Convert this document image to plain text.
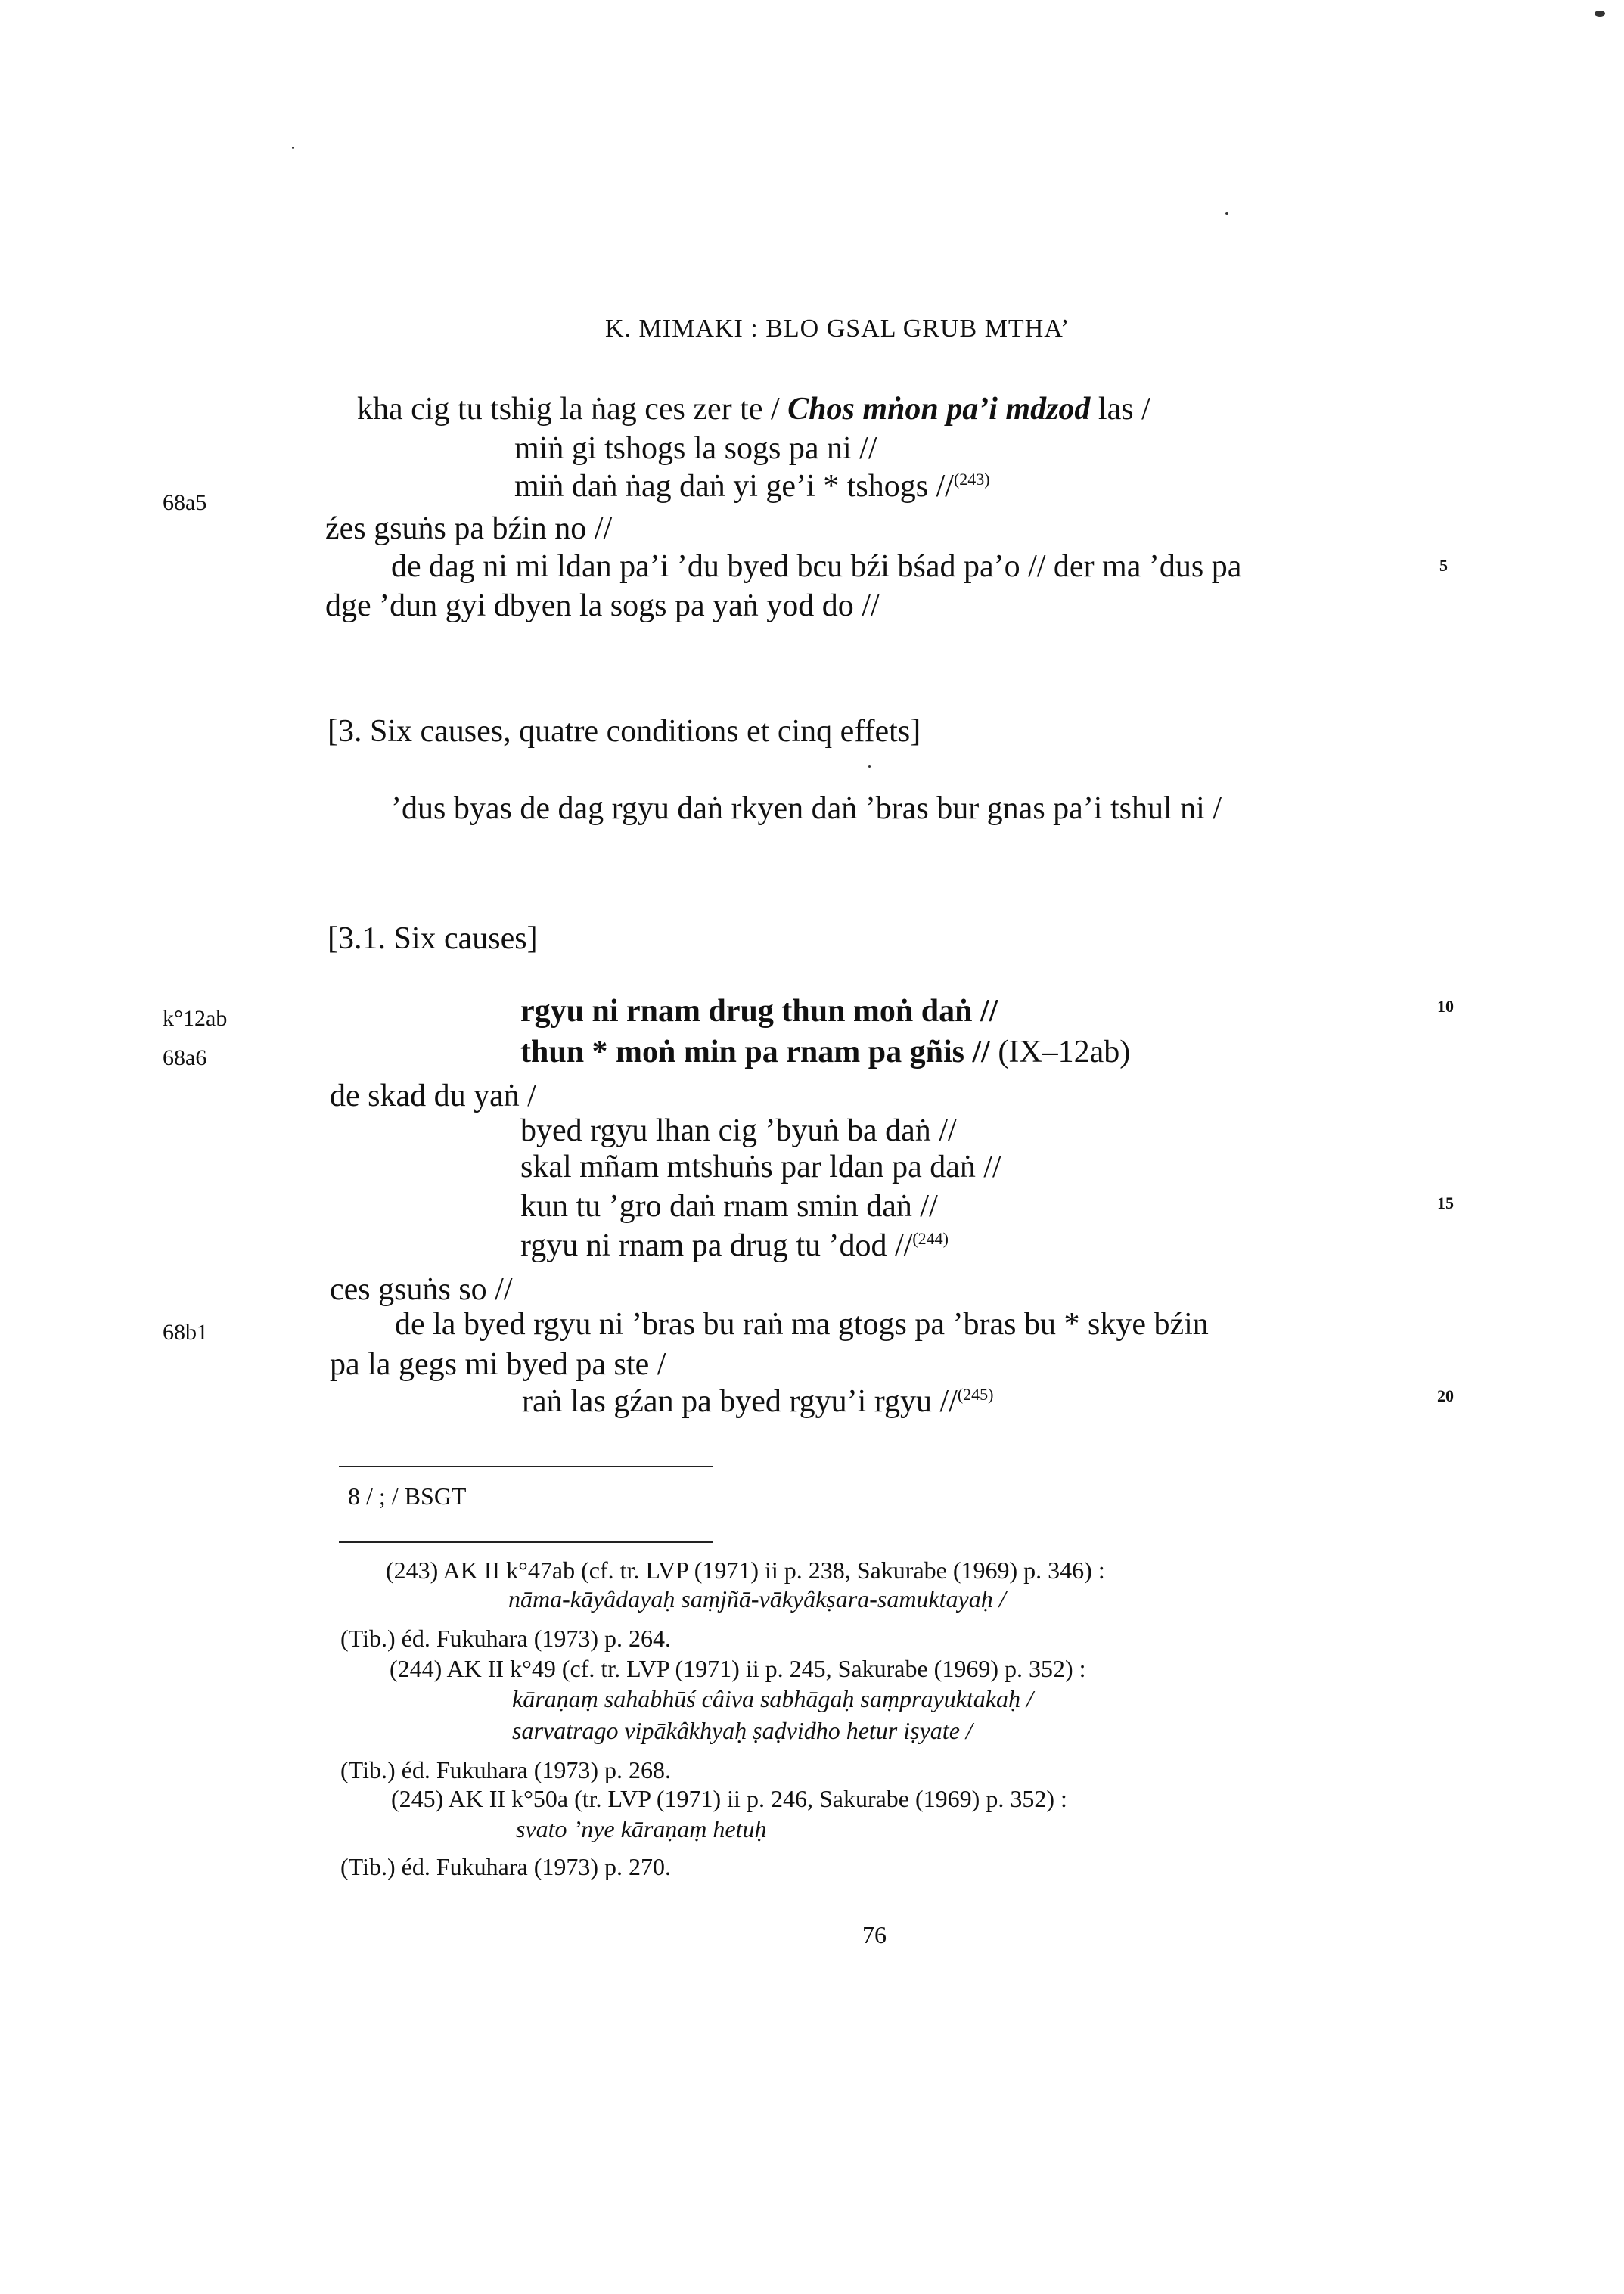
K. MIMAKI : BLO GSAL GRUB MTHA’
68a5
k°12ab
68a6
68b1
5
10
15
20
kha cig tu tshig la ṅag ces zer te / Chos mṅon pa’i mdzod las /
miṅ gi tshogs la sogs pa ni //
miṅ daṅ ṅag daṅ yi ge’i * tshogs //$^{(243)}$
źes gsuṅs pa bźin no //
de dag ni mi ldan pa’i ’du byed bcu bźi bśad pa’o // der ma ’dus pa
dge ’dun gyi dbyen la sogs pa yaṅ yod do //
[3. Six causes, quatre conditions et cinq effets]
’dus byas de dag rgyu daṅ rkyen daṅ ’bras bur gnas pa’i tshul ni /
[3.1. Six causes]
rgyu ni rnam drug thun moṅ daṅ //
thun * moṅ min pa rnam pa gñis // (IX–12ab)
de skad du yaṅ /
byed rgyu lhan cig ’byuṅ ba daṅ //
skal mñam mtshuṅs par ldan pa daṅ //
kun tu ’gro daṅ rnam smin daṅ //
rgyu ni rnam pa drug tu ’dod //$^{(244)}$
ces gsuṅs so //
de la byed rgyu ni ’bras bu raṅ ma gtogs pa ’bras bu * skye bźin
pa la gegs mi byed pa ste /
raṅ las gźan pa byed rgyu’i rgyu //$^{(245)}$
8 / ; / BSGT
(243) AK II k°47ab (cf. tr. LVP (1971) ii p. 238, Sakurabe (1969) p. 346) :
nāma-kāyâdayaḥ saṃjñā-vākyâkṣara-samuktayaḥ /
(Tib.) éd. Fukuhara (1973) p. 264.
(244) AK II k°49 (cf. tr. LVP (1971) ii p. 245, Sakurabe (1969) p. 352) :
kāraṇaṃ sahabhūś câiva sabhāgaḥ saṃprayuktakaḥ /
sarvatrago vipākâkhyaḥ ṣaḍvidho hetur iṣyate /
(Tib.) éd. Fukuhara (1973) p. 268.
(245) AK II k°50a (tr. LVP (1971) ii p. 246, Sakurabe (1969) p. 352) :
svato ’nye kāraṇaṃ hetuḥ
(Tib.) éd. Fukuhara (1973) p. 270.
76
